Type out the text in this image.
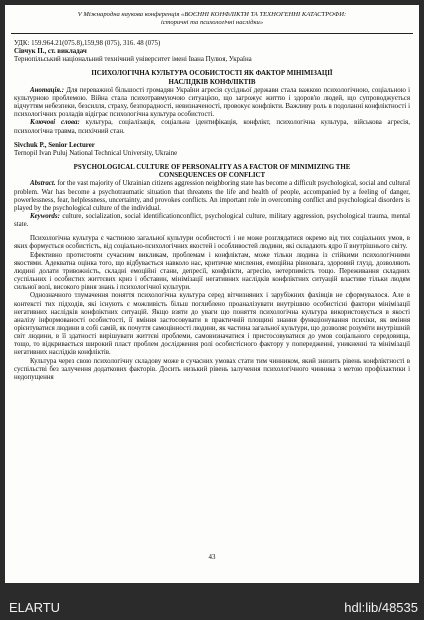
V Міжнародна наукова конференція «ВОЄННІ КОНФЛІКТИ ТА ТЕХНОГЕННІ КАТАСТРОФИ:
історичні та психологічні наслідки»

УДК: 159.964.21(075.8),159,98 (075), 316. 48 (075)

Сівчук П., ст. викладач

Тернопільський національний технічний університет імені Івана Пулюя, Україна

ПСИХОЛОГІЧНА КУЛЬТУРА ОСОБИСТОСТІ ЯК ФАКТОР МІНІМІЗАЦІЇ
НАСЛІДКІВ КОНФЛІКТІВ

Анотація.: Для переважної більшості громадян України агресія сусідньої держави стала важкою психологічною, соціальною і культурною проблемою. Війна стала психотравмуючою ситуацією, що загрожує життю і здоров'ю людей, що супроводжується відчуттям небезпеки, безсилля, страху, безпорадності, невизначеності, провокує конфлікти. Важливу роль в подоланні конфліктності і психологічних розладів відіграє психологічна культура особистості.

Ключові слова: культура, соціалізація, соціальна ідентифікація, конфлікт, психологічна культура, військова агресія, психологічна травма, психічний стан.

Sivchuk P., Senior Lecturer

Ternopil Ivan Puluj National Technical University, Ukraine

PSYCHOLOGICAL CULTURE OF PERSONALITY AS A FACTOR OF MINIMIZING THE
CONSEQUENCES OF CONFLICT

Abstract. for the vast majority of Ukrainian citizens aggression neighboring state has become a difficult psychological, social and cultural problem. War has become a psychotraumatic situation that threatens the life and health of people, accompanied by a feeling of danger, powerlessness, fear, helplessness, uncertainty, and provokes conflicts. An important role in overcoming conflict and psychological disorders is played by the psychological culture of the individual.

Keywords: culture, socialization, social identificationconflict, psychological culture, military aggression, psychological trauma, mental state.

Психологічна культура є частиною загальної культури особистості і не може розглядатися окремо від тих соціальних умов, в яких формується особистість, від соціально-психологічних якостей і особливостей людини, які складають ядро її внутрішнього світу.

Ефективно протистояти сучасним викликам, проблемам і конфліктам, може тільки людина із стійкими психологічними якостями. Адекватна оцінка того, що відбувається навколо нас, критичне мислення, емоційна рівновага, здоровий глузд, дозволяють людині долати тривожність, складні емоційні стани, депресії, конфлікти, агресію, нетерпимість тощо. Переживання складних суспільних і особистих життєвих криз і обставин, мінімізації негативних наслідків конфліктних ситуацій властиве тільки людям сильної волі, високого рівня знань і психологічної культури.

Однозначного тлумачення поняття психологічна культура серед вітчизняних і зарубіжних фахівців не сформувалося. Але в контексті тих підходів, які існують є можливість більш поглиблено проаналізувати внутрішню особистісні фактори мінімізації негативних наслідків конфліктних ситуацій. Якщо взяти до уваги що поняття психологічна культура використовується в якості аналізу інформованості особистості, її вміння застосовувати в практичній площині знання функціонування психіки, як вміння орієнтуватися людини в собі самій, як почуття самоцінності людини, як частина загальної культури, що дозволяє розуміти внутрішній світ людини, в її здатності вирішувати життєві проблеми, самовизначатися і пристосовуватися до умов соціального середовища, тощо, то відкривається широкий пласт проблем дослідження ролі особистісного фактору у попередженні, уникненні та мінімізації негативних наслідків конфліктів.

Культура через свою психологічну складову може в сучасних умовах стати тим чинником, який знизить рівень конфліктності в суспільстві без залучення додаткових факторів. Досить низький рівень залучення психологічного чинника з метою профілактики і недопущення

43
ELARTU	hdl:lib/48535
